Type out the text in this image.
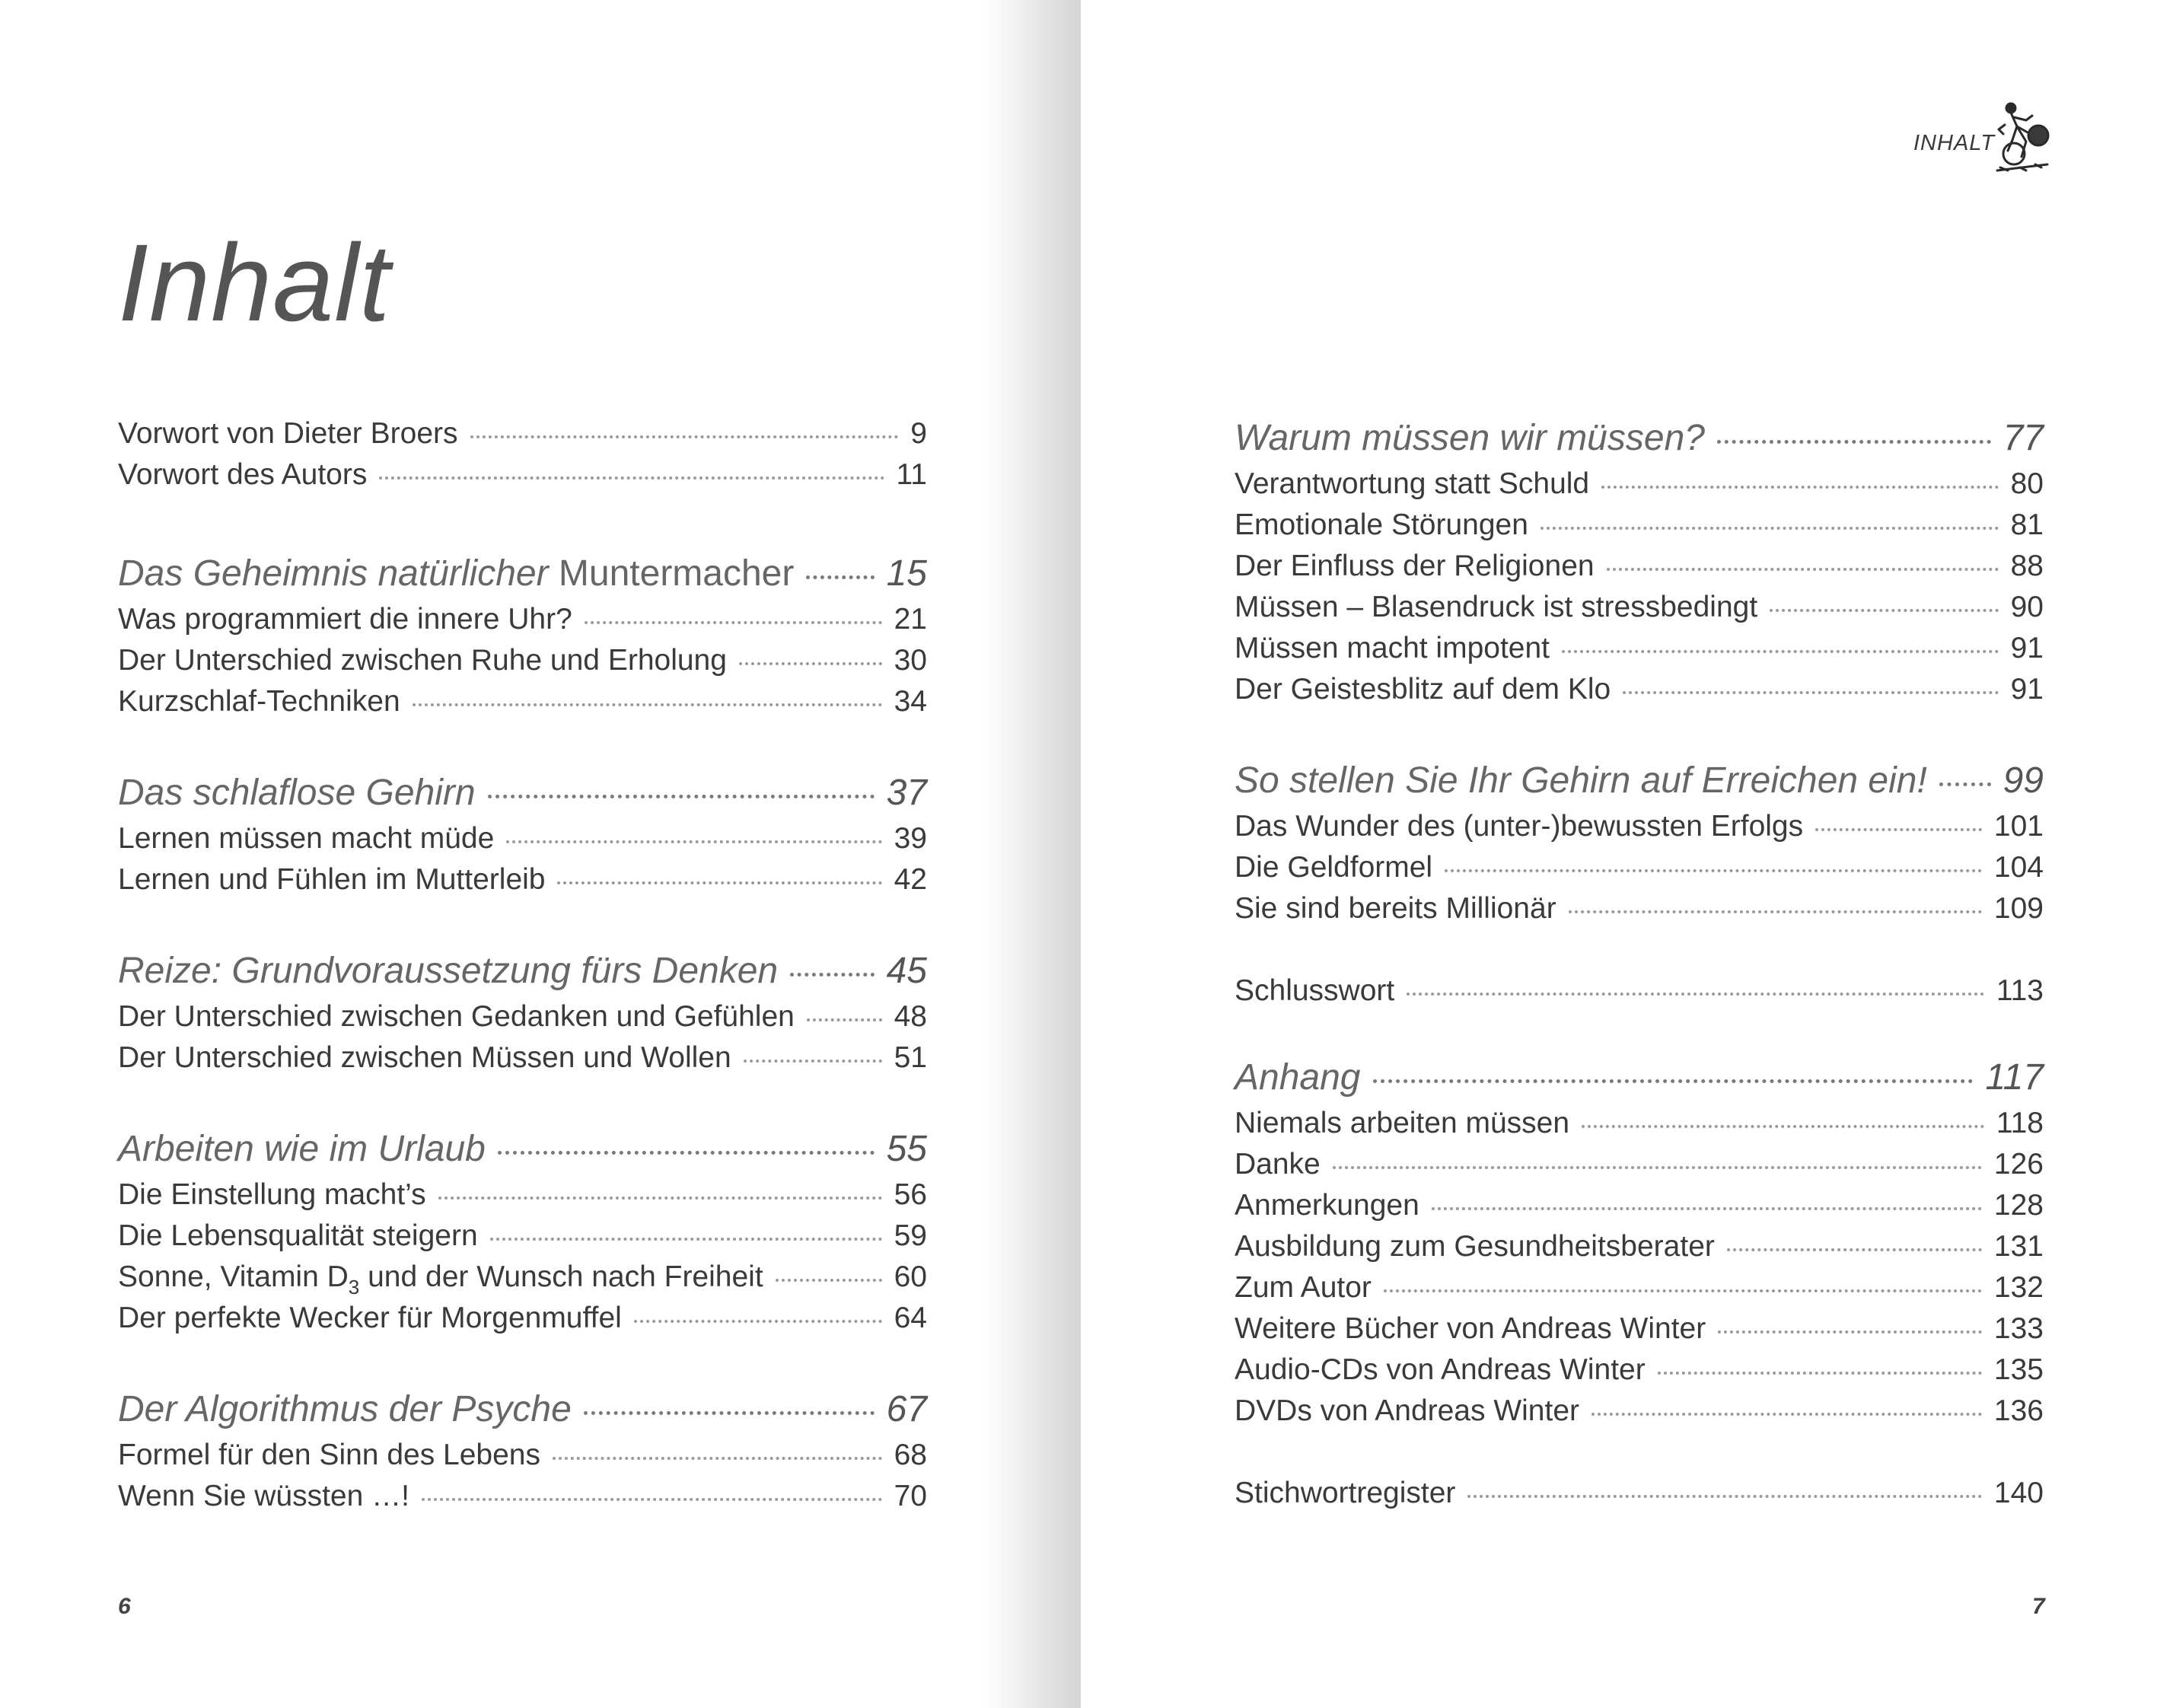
Inhalt
Vorwort von Dieter Broers	9
Vorwort des Autors	11
Das Geheimnis natürlicher Muntermacher	15
Was programmiert die innere Uhr?	21
Der Unterschied zwischen Ruhe und Erholung	30
Kurzschlaf-Techniken	34
Das schlaflose Gehirn	37
Lernen müssen macht müde	39
Lernen und Fühlen im Mutterleib	42
Reize: Grundvoraussetzung fürs Denken	45
Der Unterschied zwischen Gedanken und Gefühlen	48
Der Unterschied zwischen Müssen und Wollen	51
Arbeiten wie im Urlaub	55
Die Einstellung macht’s	56
Die Lebensqualität steigern	59
Sonne, Vitamin $D_3$ und der Wunsch nach Freiheit	60
Der perfekte Wecker für Morgenmuffel	64
Der Algorithmus der Psyche	67
Formel für den Sinn des Lebens	68
Wenn Sie wüssten …!	70
6
INHALT
Warum müssen wir müssen?	77
Verantwortung statt Schuld	80
Emotionale Störungen	81
Der Einfluss der Religionen	88
Müssen – Blasendruck ist stressbedingt	90
Müssen macht impotent	91
Der Geistesblitz auf dem Klo	91
So stellen Sie Ihr Gehirn auf Erreichen ein! 99
Das Wunder des (unter-)bewussten Erfolgs	101
Die Geldformel	104
Sie sind bereits Millionär	109
Schlusswort	113
Anhang	117
Niemals arbeiten müssen	118
Danke	126
Anmerkungen	128
Ausbildung zum Gesundheitsberater	131
Zum Autor	132
Weitere Bücher von Andreas Winter	133
Audio-CDs von Andreas Winter	135
DVDs von Andreas Winter	136
Stichwortregister	140
7
